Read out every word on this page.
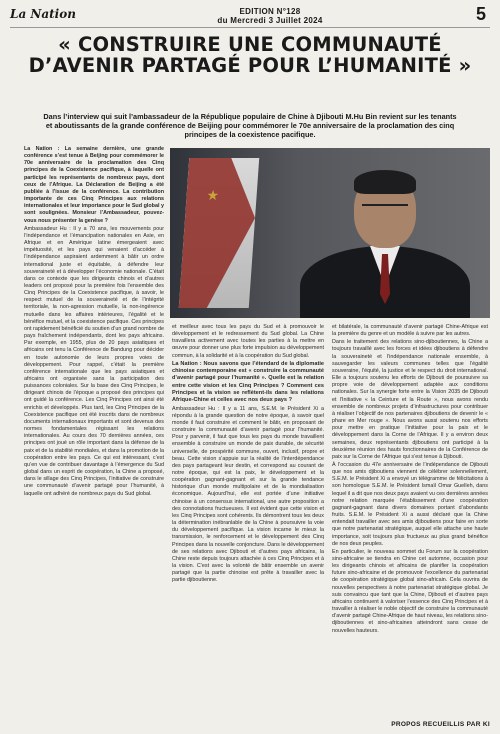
La Nation	EDITION N°128
du Mercredi 3 Juillet 2024	5
« CONSTRUIRE UNE COMMUNAUTÉ D’AVENIR PARTAGÉ POUR L’HUMANITÉ »
Dans l’interview qui suit l’ambassadeur de la République populaire de Chine à Djibouti M.Hu Bin revient sur les tenants et aboutissants de la grande conférence de Beijing pour commémorer le 70e anniversaire de la proclamation des cinq principes de la coexistence pacifique.

La Nation : La semaine dernière, une grande conférence s’est tenue à Beijing pour commémorer le 70e anniversaire de la proclamation des Cinq principes de la Coexistence pacifique, à laquelle ont participé les représentants de nombreux pays, dont ceux de l’Afrique. La Déclaration de Beijing a été publiée à l’issue de la conférence. La contribution importante de ces Cinq Principes aux relations internationales et leur importance pour le Sud global y sont soulignées. Monsieur l’Ambassadeur, pouvez-vous nous présenter la genèse ?

Ambassadeur Hu : Il y a 70 ans, les mouvements pour l’indépendance et l’émancipation nationales en Asie, en Afrique et en Amérique latine émergeaient avec impétuosité, et les pays qui venaient d’accéder à l’indépendance aspiraient ardemment à bâtir un ordre international juste et équitable, à défendre leur souveraineté et à développer l’économie nationale. C’était dans ce contexte que les dirigeants chinois et d’autres leaders ont proposé pour la première fois l’ensemble des Cinq Principes de la Coexistence pacifique, à savoir, le respect mutuel de la souveraineté et de l’intégrité territoriale, la non-agression mutuelle, la non-ingérence mutuelle dans les affaires intérieures, l’égalité et le bénéfice mutuel, et la coexistence pacifique. Ces principes ont rapidement bénéficié du soutien d’un grand nombre de pays fraîchement indépendants, dont les pays africains. Par exemple, en 1955, plus de 20 pays asiatiques et africains ont tenu la Conférence de Bandung pour décider en toute autonomie de leurs propres voies de développement. Pour rappel, c’était la première conférence internationale que les pays asiatiques et africains ont organisée sans la participation des puissances coloniales. Sur la base des Cinq Principes, le dirigeant chinois de l’époque a proposé des principes qui ont guidé la conférence. Les Cinq Principes ont ainsi été enrichis et développés. Plus tard, les Cinq Principes de la Coexistence pacifique ont été inscrits dans de nombreux documents internationaux importants et sont devenus des normes fondamentales régissant les relations internationales. Au cours des 70 dernières années, ces principes ont joué un rôle important dans la défense de la paix et de la stabilité mondiales, et dans la promotion de la coopération entre les pays. Ce qui est intéressant, c’est qu’en vue de contribuer davantage à l’émergence du Sud global dans un esprit de coopération, la Chine a proposé, dans le sillage des Cinq Principes, l’initiative de construire une communauté d’avenir partagé pour l’humanité, à laquelle ont adhéré de nombreux pays du Sud global.

★

et meilleur avec tous les pays du Sud et à promouvoir le développement et le redressement du Sud global. La Chine travaillera activement avec toutes les parties à la mettre en œuvre pour donner une plus forte impulsion au développement commun, à la solidarité et à la coopération du Sud global.

La Nation : Nous savons que l’étendard de la diplomatie chinoise contemporaine est « construire la communauté d’avenir partagé pour l’humanité ». Quelle est la relation entre cette vision et les Cinq Principes ? Comment ces Principes et la vision se reflètent-ils dans les relations Afrique-Chine et celles avec nos deux pays ?

Ambassadeur Hu : Il y a 11 ans, S.E.M. le Président Xi a répondu à la grande question de notre époque, à savoir quel monde il faut construire et comment le bâtir, en proposant de construire la communauté d’avenir partagé pour l’humanité. Pour y parvenir, il faut que tous les pays du monde travaillent ensemble à construire un monde de paix durable, de sécurité universelle, de prospérité commune, ouvert, inclusif, propre et beau. Cette vision s’appuie sur la réalité de l’interdépendance des pays partageant leur destin, et correspond au courant de notre époque, qui est la paix, le développement et la coopération gagnant-gagnant et sur la grande tendance historique d’un monde multipolaire et de la mondialisation économique. Aujourd’hui, elle est portée d’une initiative chinoise à un consensus international, une autre proposition a des connotations fructueuses. Il est évident que cette vision et les Cinq Principes sont cohérents. Ils démontrent tous les deux la détermination inébranlable de la Chine à poursuivre la voie du développement pacifique. La vision incarne le mieux la transmission, le renforcement et le développement des Cinq Principes dans la nouvelle conjoncture. Dans le développement de ses relations avec Djibouti et d’autres pays africains, la Chine reste depuis toujours attachée à ces Cinq Principes et à la vision. C’est avec la volonté de bâtir ensemble un avenir partagé que la partie chinoise est prête à travailler avec la partie djiboutienne.

et bilatérale, la communauté d’avenir partagé Chine-Afrique est la première du genre et un modèle à suivre par les autres.

Dans le traitement des relations sino-djiboutiennes, la Chine a toujours travaillé avec les forces et idées djiboutiens à défendre la souveraineté et l’indépendance nationale ensemble, à sauvegarder les valeurs communes telles que l’égalité souveraine, l’équité, la justice et le respect du droit international. Elle a toujours soutenu les efforts de Djibouti de poursuivre sa propre voie de développement adaptée aux conditions nationales. Sur la synergie forte entre la Vision 2035 de Djibouti et l’Initiative « la Ceinture et la Route », nous avons rendu ensemble de nombreux projets d’infrastructures pour contribuer à réaliser l’objectif de nos partenaires djiboutiens de devenir le « phare en Mer rouge ». Nous avons aussi soutenu nos efforts pour mettre en pratique l’initiative pour la paix et le développement dans la Corne de l’Afrique. Il y a environ deux semaines, deux représentants djiboutiens ont participé à la deuxième réunion des hauts fonctionnaires de la Conférence de paix sur la Corne de l’Afrique qui s’est tenue à Djibouti.

À l’occasion du 47e anniversaire de l’indépendance de Djibouti que nos amis djiboutiens viennent de célébrer solennellement, S.E.M. le Président Xi a envoyé un télégramme de félicitations à son homologue S.E.M. le Président Ismaïl Omar Guelleh, dans lequel il a dit que nos deux pays avaient vu ces dernières années notre relation marquée l’établissement d’une coopération gagnant-gagnant dans divers domaines portant d’abondants fruits. S.E.M. le Président Xi a aussi déclaré que la Chine entendait travailler avec ses amis djiboutiens pour faire en sorte que notre partenariat stratégique, auquel elle attache une haute importance, soit toujours plus fructueux au plus grand bénéfice de nos deux peuples.

En particulier, le nouveau sommet du Forum sur la coopération sino-africaine se tiendra en Chine cet automne, occasion pour les dirigeants chinois et africains de planifier la coopération future sino-africaine et de promouvoir l’excellence du partenariat de coopération stratégique global sino-africain. Cela ouvrira de nouvelles perspectives à notre partenariat stratégique global. Je suis convaincu que tant que la Chine, Djibouti et d’autres pays africains continuent à valoriser l’essence des Cinq Principes et à travailler à réaliser le noble objectif de construire la communauté d’avenir partagé Chine-Afrique de haut niveau, les relations sino-djiboutiennes et sino-africaines atteindront sans cesse de nouvelles hauteurs.

PROPOS RECUEILLIS PAR KI
